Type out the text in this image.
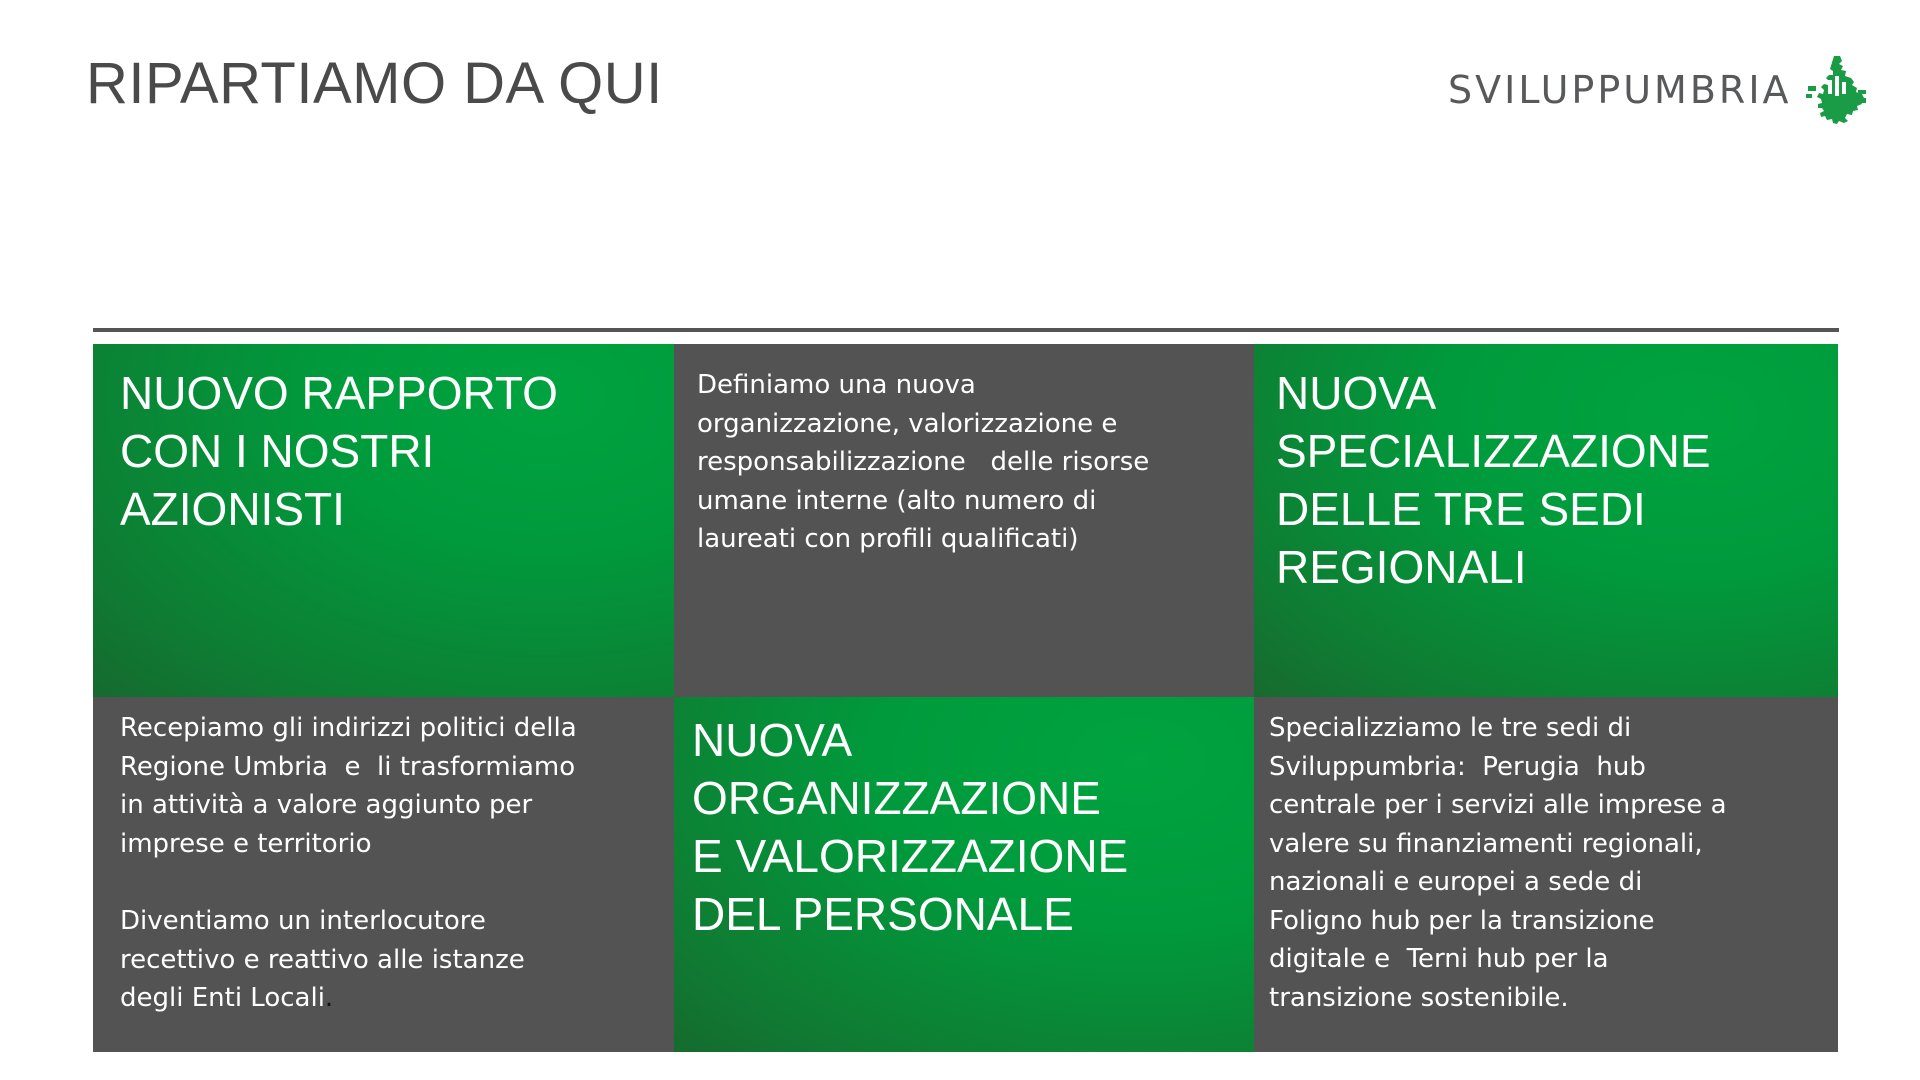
RIPARTIAMO DA QUI	SVILUPPUMBRIA
NUOVO RAPPORTO
CON I NOSTRI
AZIONISTI

Definiamo una nuova
organizzazione, valorizzazione e
responsabilizzazione   delle risorse
umane interne (alto numero di
laureati con profili qualificati)

NUOVA
SPECIALIZZAZIONE
DELLE TRE SEDI
REGIONALI

Recepiamo gli indirizzi politici della
Regione Umbria  e  li trasformiamo
in attività a valore aggiunto per
imprese e territorio

Diventiamo un interlocutore
recettivo e reattivo alle istanze
degli Enti Locali.

NUOVA
ORGANIZZAZIONE
E VALORIZZAZIONE
DEL PERSONALE

Specializziamo le tre sedi di
Sviluppumbria:  Perugia  hub
centrale per i servizi alle imprese a
valere su finanziamenti regionali,
nazionali e europei a sede di
Foligno hub per la transizione
digitale e  Terni hub per la
transizione sostenibile.
